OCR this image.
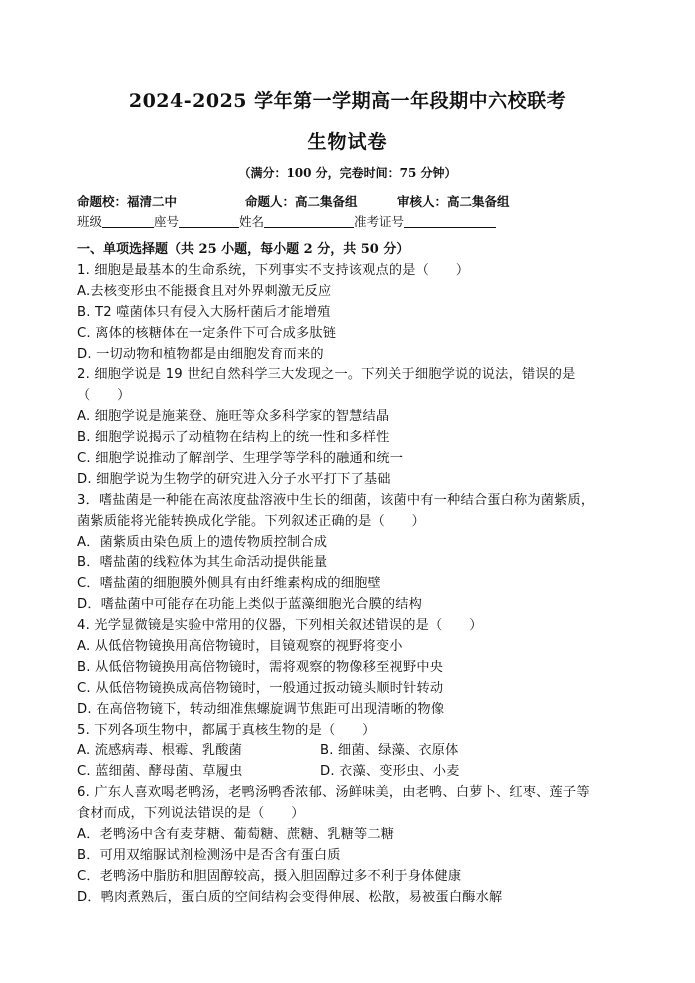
2024-2025 学年第一学期高一年段期中六校联考
生物试卷
（满分：100 分，完卷时间：75 分钟）
命题校：福清二中	命题人：高二集备组	审核人：高二集备组
班级	座号	姓名	准考证号
一、单项选择题（共 25 小题，每小题 2 分，共 50 分）
1. 细胞是最基本的生命系统，下列事实不支持该观点的是（　　）
A.去核变形虫不能摄食且对外界刺激无反应
B. T2 噬菌体只有侵入大肠杆菌后才能增殖
C. 离体的核糖体在一定条件下可合成多肽链
D. 一切动物和植物都是由细胞发育而来的
2. 细胞学说是 19 世纪自然科学三大发现之一。下列关于细胞学说的说法，错误的是
（　　）
A. 细胞学说是施莱登、施旺等众多科学家的智慧结晶
B. 细胞学说揭示了动植物在结构上的统一性和多样性
C. 细胞学说推动了解剖学、生理学等学科的融通和统一
D. 细胞学说为生物学的研究进入分子水平打下了基础
3．嗜盐菌是一种能在高浓度盐溶液中生长的细菌，该菌中有一种结合蛋白称为菌紫质，
菌紫质能将光能转换成化学能。下列叙述正确的是（　　）
A．菌紫质由染色质上的遗传物质控制合成
B．嗜盐菌的线粒体为其生命活动提供能量
C．嗜盐菌的细胞膜外侧具有由纤维素构成的细胞壁
D．嗜盐菌中可能存在功能上类似于蓝藻细胞光合膜的结构
4. 光学显微镜是实验中常用的仪器，下列相关叙述错误的是（　　）
A. 从低倍物镜换用高倍物镜时，目镜观察的视野将变小
B. 从低倍物镜换用高倍物镜时，需将观察的物像移至视野中央
C. 从低倍物镜换成高倍物镜时，一般通过扳动镜头顺时针转动
D. 在高倍物镜下，转动细准焦螺旋调节焦距可出现清晰的物像
5. 下列各项生物中，都属于真核生物的是（　　）
A. 流感病毒、根霉、乳酸菌	B. 细菌、绿藻、衣原体
C. 蓝细菌、酵母菌、草履虫	D. 衣藻、变形虫、小麦
6. 广东人喜欢喝老鸭汤，老鸭汤鸭香浓郁、汤鲜味美，由老鸭、白萝卜、红枣、莲子等
食材而成，下列说法错误的是（　　）
A．老鸭汤中含有麦芽糖、葡萄糖、蔗糖、乳糖等二糖
B．可用双缩脲试剂检测汤中是否含有蛋白质
C．老鸭汤中脂肪和胆固醇较高，摄入胆固醇过多不利于身体健康
D．鸭肉煮熟后，蛋白质的空间结构会变得伸展、松散，易被蛋白酶水解
